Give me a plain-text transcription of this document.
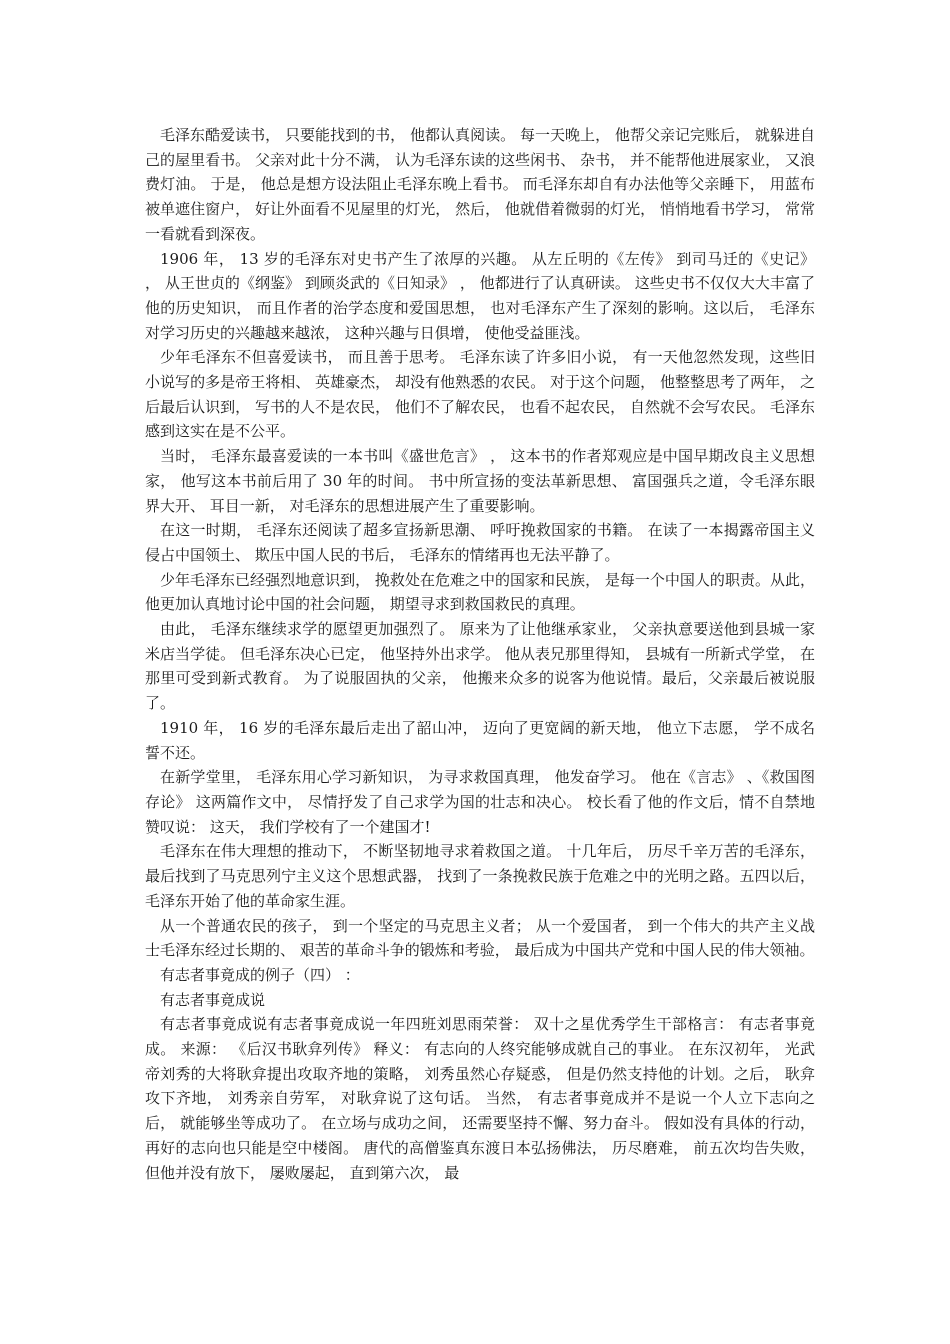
毛泽东酷爱读书， 只要能找到的书， 他都认真阅读。 每一天晚上， 他帮父亲记完账后， 就躲进自己的屋里看书。 父亲对此十分不满， 认为毛泽东读的这些闲书、 杂书， 并不能帮他进展家业， 又浪费灯油。 于是， 他总是想方设法阻止毛泽东晚上看书。 而毛泽东却自有办法他等父亲睡下， 用蓝布被单遮住窗户， 好让外面看不见屋里的灯光， 然后， 他就借着微弱的灯光， 悄悄地看书学习， 常常一看就看到深夜。

1906 年， 13 岁的毛泽东对史书产生了浓厚的兴趣。 从左丘明的《左传》 到司马迁的《史记》 ， 从王世贞的《纲鉴》 到顾炎武的《日知录》 ， 他都进行了认真研读。 这些史书不仅仅大大丰富了他的历史知识， 而且作者的治学态度和爱国思想， 也对毛泽东产生了深刻的影响。这以后， 毛泽东对学习历史的兴趣越来越浓， 这种兴趣与日俱增， 使他受益匪浅。

少年毛泽东不但喜爱读书， 而且善于思考。 毛泽东读了许多旧小说， 有一天他忽然发现，这些旧小说写的多是帝王将相、 英雄豪杰， 却没有他熟悉的农民。 对于这个问题， 他整整思考了两年， 之后最后认识到， 写书的人不是农民， 他们不了解农民， 也看不起农民， 自然就不会写农民。 毛泽东感到这实在是不公平。

当时， 毛泽东最喜爱读的一本书叫《盛世危言》 ， 这本书的作者郑观应是中国早期改良主义思想家， 他写这本书前后用了 30 年的时间。 书中所宣扬的变法革新思想、 富国强兵之道，令毛泽东眼界大开、 耳目一新， 对毛泽东的思想进展产生了重要影响。

在这一时期， 毛泽东还阅读了超多宣扬新思潮、 呼吁挽救国家的书籍。 在读了一本揭露帝国主义侵占中国领土、 欺压中国人民的书后， 毛泽东的情绪再也无法平静了。

少年毛泽东已经强烈地意识到， 挽救处在危难之中的国家和民族， 是每一个中国人的职责。从此， 他更加认真地讨论中国的社会问题， 期望寻求到救国救民的真理。

由此， 毛泽东继续求学的愿望更加强烈了。 原来为了让他继承家业， 父亲执意要送他到县城一家米店当学徒。 但毛泽东决心已定， 他坚持外出求学。 他从表兄那里得知， 县城有一所新式学堂， 在那里可受到新式教育。 为了说服固执的父亲， 他搬来众多的说客为他说情。最后，父亲最后被说服了。

1910 年， 16 岁的毛泽东最后走出了韶山冲， 迈向了更宽阔的新天地， 他立下志愿， 学不成名誓不还。

在新学堂里， 毛泽东用心学习新知识， 为寻求救国真理， 他发奋学习。 他在《言志》 、《救国图存论》 这两篇作文中， 尽情抒发了自己求学为国的壮志和决心。 校长看了他的作文后，情不自禁地赞叹说： 这天， 我们学校有了一个建国才!

毛泽东在伟大理想的推动下， 不断坚韧地寻求着救国之道。 十几年后， 历尽千辛万苦的毛泽东， 最后找到了马克思列宁主义这个思想武器， 找到了一条挽救民族于危难之中的光明之路。五四以后， 毛泽东开始了他的革命家生涯。

从一个普通农民的孩子， 到一个坚定的马克思主义者； 从一个爱国者， 到一个伟大的共产主义战士毛泽东经过长期的、 艰苦的革命斗争的锻炼和考验， 最后成为中国共产党和中国人民的伟大领袖。

有志者事竟成的例子（四） ：

有志者事竟成说

有志者事竟成说有志者事竟成说一年四班刘思雨荣誉： 双十之星优秀学生干部格言： 有志者事竟成。 来源： 《后汉书耿弇列传》 释义： 有志向的人终究能够成就自己的事业。 在东汉初年， 光武帝刘秀的大将耿弇提出攻取齐地的策略， 刘秀虽然心存疑惑， 但是仍然支持他的计划。之后， 耿弇攻下齐地， 刘秀亲自劳军， 对耿弇说了这句话。 当然， 有志者事竟成并不是说一个人立下志向之后， 就能够坐等成功了。 在立场与成功之间， 还需要坚持不懈、努力奋斗。 假如没有具体的行动， 再好的志向也只能是空中楼阁。 唐代的高僧鉴真东渡日本弘扬佛法， 历尽磨难， 前五次均告失败， 但他并没有放下， 屡败屡起， 直到第六次， 最
